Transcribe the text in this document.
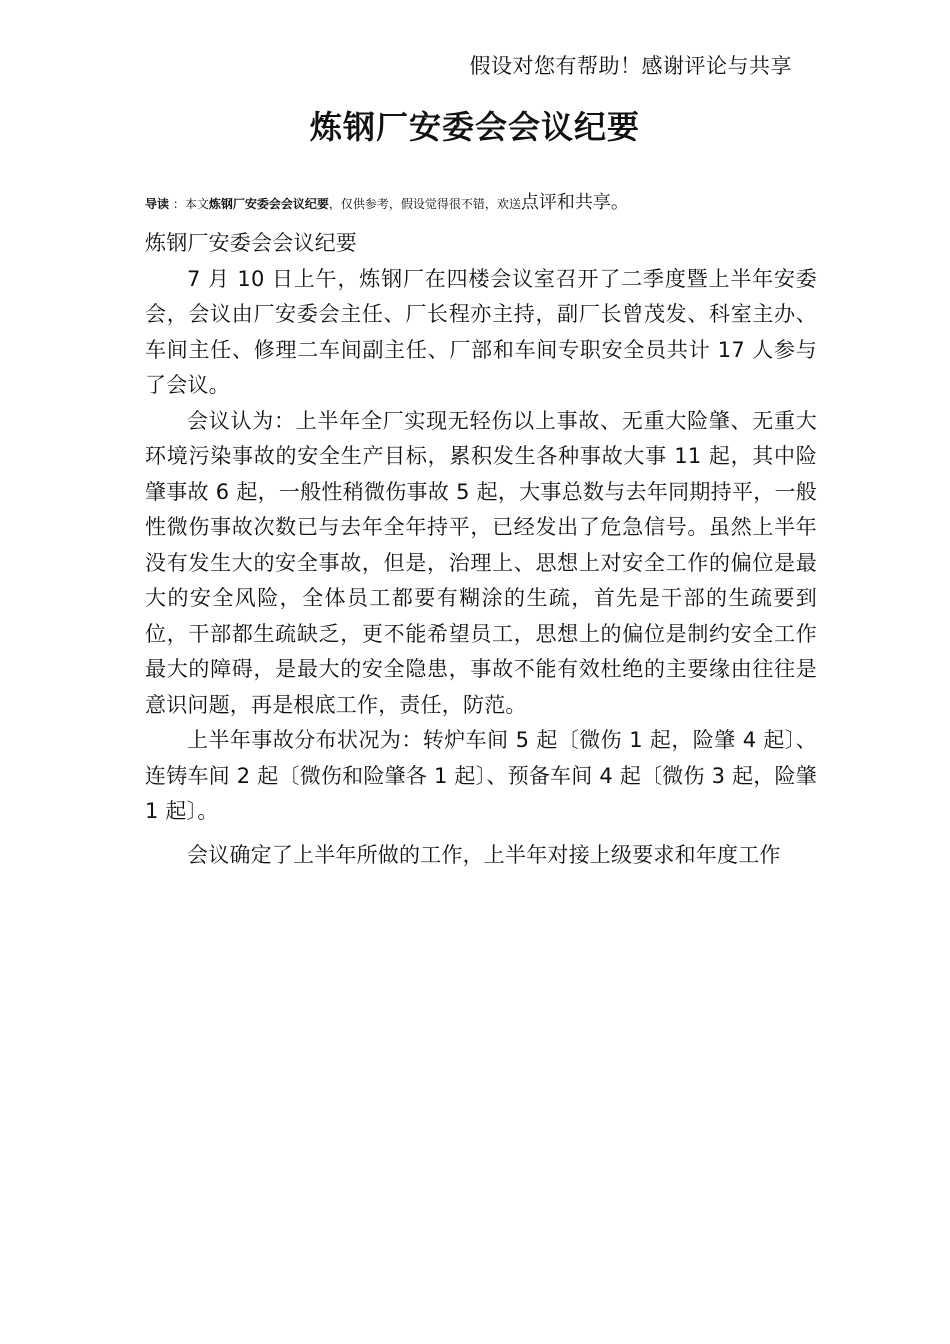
假设对您有帮助！感谢评论与共享
炼钢厂安委会会议纪要
导读 ：本文炼钢厂安委会会议纪要，仅供参考，假设觉得很不错，欢送点评和共享。

炼钢厂安委会会议纪要

7 月 10 日上午，炼钢厂在四楼会议室召开了二季度暨上半年安委会，会议由厂安委会主任、厂长程亦主持，副厂长曾茂发、科室主办、车间主任、修理二车间副主任、厂部和车间专职安全员共计 17 人参与了会议。

会议认为：上半年全厂实现无轻伤以上事故、无重大险肇、无重大环境污染事故的安全生产目标，累积发生各种事故大事 11 起，其中险肇事故 6 起，一般性稍微伤事故 5 起，大事总数与去年同期持平，一般性微伤事故次数已与去年全年持平，已经发出了危急信号。虽然上半年没有发生大的安全事故，但是，治理上、思想上对安全工作的偏位是最大的安全风险，全体员工都要有糊涂的生疏，首先是干部的生疏要到位，干部都生疏缺乏，更不能希望员工，思想上的偏位是制约安全工作最大的障碍，是最大的安全隐患，事故不能有效杜绝的主要缘由往往是意识问题，再是根底工作，责任，防范。

上半年事故分布状况为：转炉车间 5 起〔微伤 1 起，险肇 4 起〕、连铸车间 2 起〔微伤和险肇各 1 起〕、预备车间 4 起〔微伤 3 起，险肇 1 起〕。

会议确定了上半年所做的工作，上半年对接上级要求和年度工作
